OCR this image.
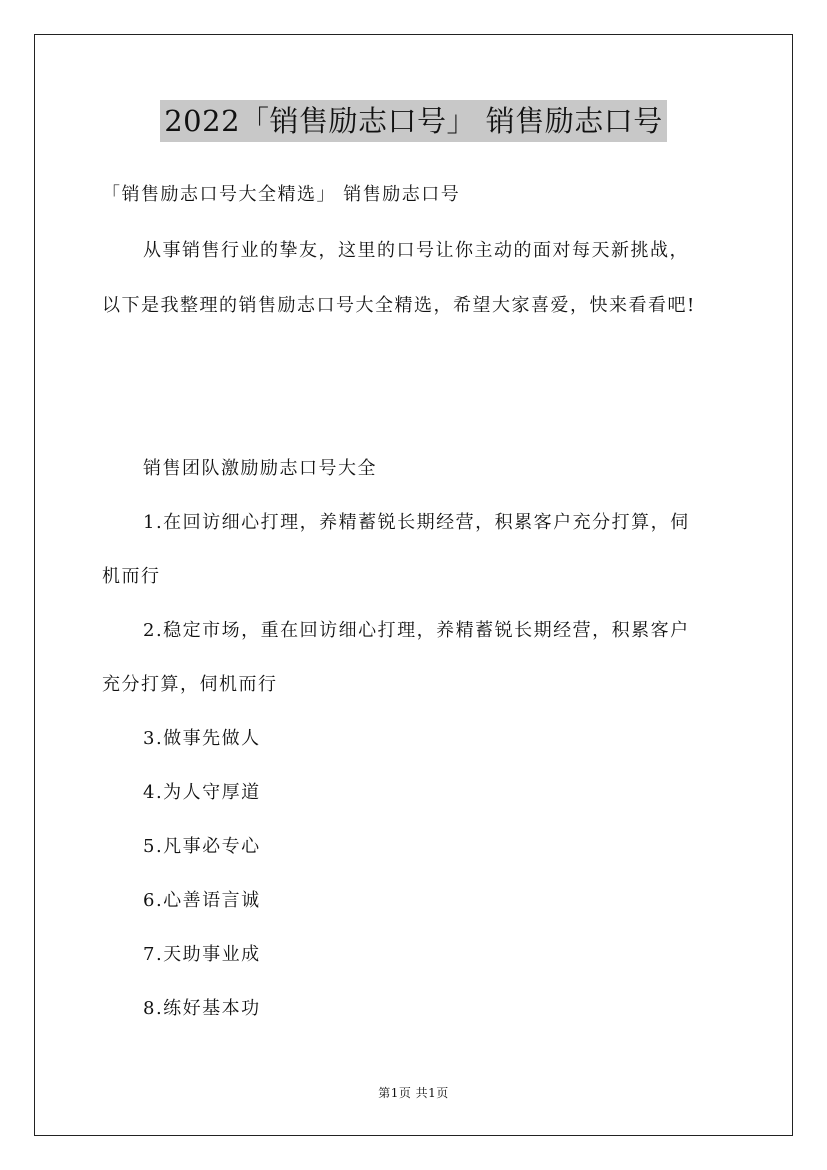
2022「销售励志口号」 销售励志口号
「销售励志口号大全精选」 销售励志口号
从事销售行业的挚友，这里的口号让你主动的面对每天新挑战，
以下是我整理的销售励志口号大全精选，希望大家喜爱，快来看看吧!
销售团队激励励志口号大全
1.在回访细心打理，养精蓄锐长期经营，积累客户充分打算，伺
机而行
2.稳定市场，重在回访细心打理，养精蓄锐长期经营，积累客户
充分打算，伺机而行
3.做事先做人
4.为人守厚道
5.凡事必专心
6.心善语言诚
7.天助事业成
8.练好基本功
第1页 共1页
